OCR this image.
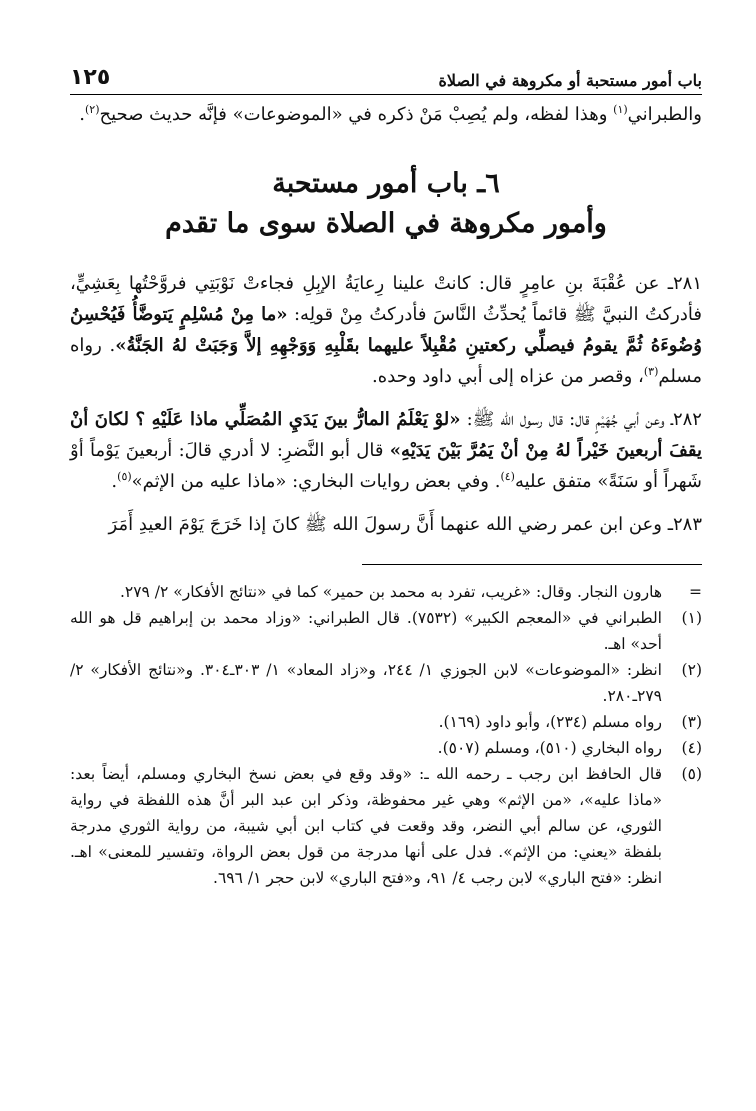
باب أمور مستحبة أو مكروهة في الصلاة
١٢٥

والطبراني$^{(١)}$ وهذا لفظه، ولم يُصِبْ مَنْ ذكره في «الموضوعات» فإنَّه حديث صحيح$^{(٢)}$.

٦ـ باب أمور مستحبة
وأمور مكروهة في الصلاة سوى ما تقدم

٢٨١ـ عن عُقْبَةَ بنِ عامِرٍ قال: كانتْ علينا رِعايَةُ الإبِلِ فجاءتْ نَوْبَتِي فروَّحْتُها بِعَشِيٍّ، فأدركتُ النبيَّ ﷺ قائماً يُحدِّثُ النَّاسَ فأدركتُ مِنْ قولِه: «ما مِنْ مُسْلِمٍ يَتوضَّأُ فَيُحْسِنُ وُضُوءَهُ ثُمَّ يقومُ فيصلِّي ركعتينِ مُقْبِلاً عليهما بقَلْبِهِ وَوَجْهِهِ إلاَّ وَجَبَتْ لهُ الجَنَّةُ». رواه مسلم$^{(٣)}$، وقصر من عزاه إلى أبي داود وحده.

٢٨٢ـ وعن أبي جُهَيْمٍ قال: قال رسول الله ﷺ: «لوْ يَعْلَمُ المارُّ بينَ يَدَيِ المُصَلِّي ماذا عَلَيْهِ ؟ لكانَ أنْ يقفَ أربعينَ خَيْراً لهُ مِنْ أنْ يَمُرَّ بَيْنَ يَدَيْهِ» قال أبو النَّضرِ: لا أدري قالَ: أربعينَ يَوْماً أوْ شَهراً أو سَنَةً» متفق عليه$^{(٤)}$. وفي بعض روايات البخاري: «ماذا عليه من الإثم»$^{(٥)}$.

٢٨٣ـ وعن ابن عمر رضي الله عنهما أَنَّ رسولَ الله ﷺ كانَ إذا خَرَجَ يَوْمَ العيدِ أَمَرَ

=
هارون النجار. وقال: «غريب، تفرد به محمد بن حمير» كما في «نتائج الأفكار» ٢/ ٢٧٩.
(١)
الطبراني في «المعجم الكبير» (٧٥٣٢). قال الطبراني: «وزاد محمد بن إبراهيم قل هو الله أحد» اهـ.
(٢)
انظر: «الموضوعات» لابن الجوزي ١/ ٢٤٤، و«زاد المعاد» ١/ ٣٠٣ـ٣٠٤. و«نتائج الأفكار» ٢/ ٢٧٩ـ٢٨٠.
(٣)
رواه مسلم (٢٣٤)، وأبو داود (١٦٩).
(٤)
رواه البخاري (٥١٠)، ومسلم (٥٠٧).
(٥)
قال الحافظ ابن رجب ـ رحمه الله ـ: «وقد وقع في بعض نسخ البخاري ومسلم، أيضاً بعد: «ماذا عليه»، «من الإثم» وهي غير محفوظة، وذكر ابن عبد البر أنَّ هذه اللفظة في رواية الثوري، عن سالم أبي النضر، وقد وقعت في كتاب ابن أبي شيبة، من رواية الثوري مدرجة بلفظة «يعني: من الإثم». فدل على أنها مدرجة من قول بعض الرواة، وتفسير للمعنى» اهـ. انظر: «فتح الباري» لابن رجب ٤/ ٩١، و«فتح الباري» لابن حجر ١/ ٦٩٦.
